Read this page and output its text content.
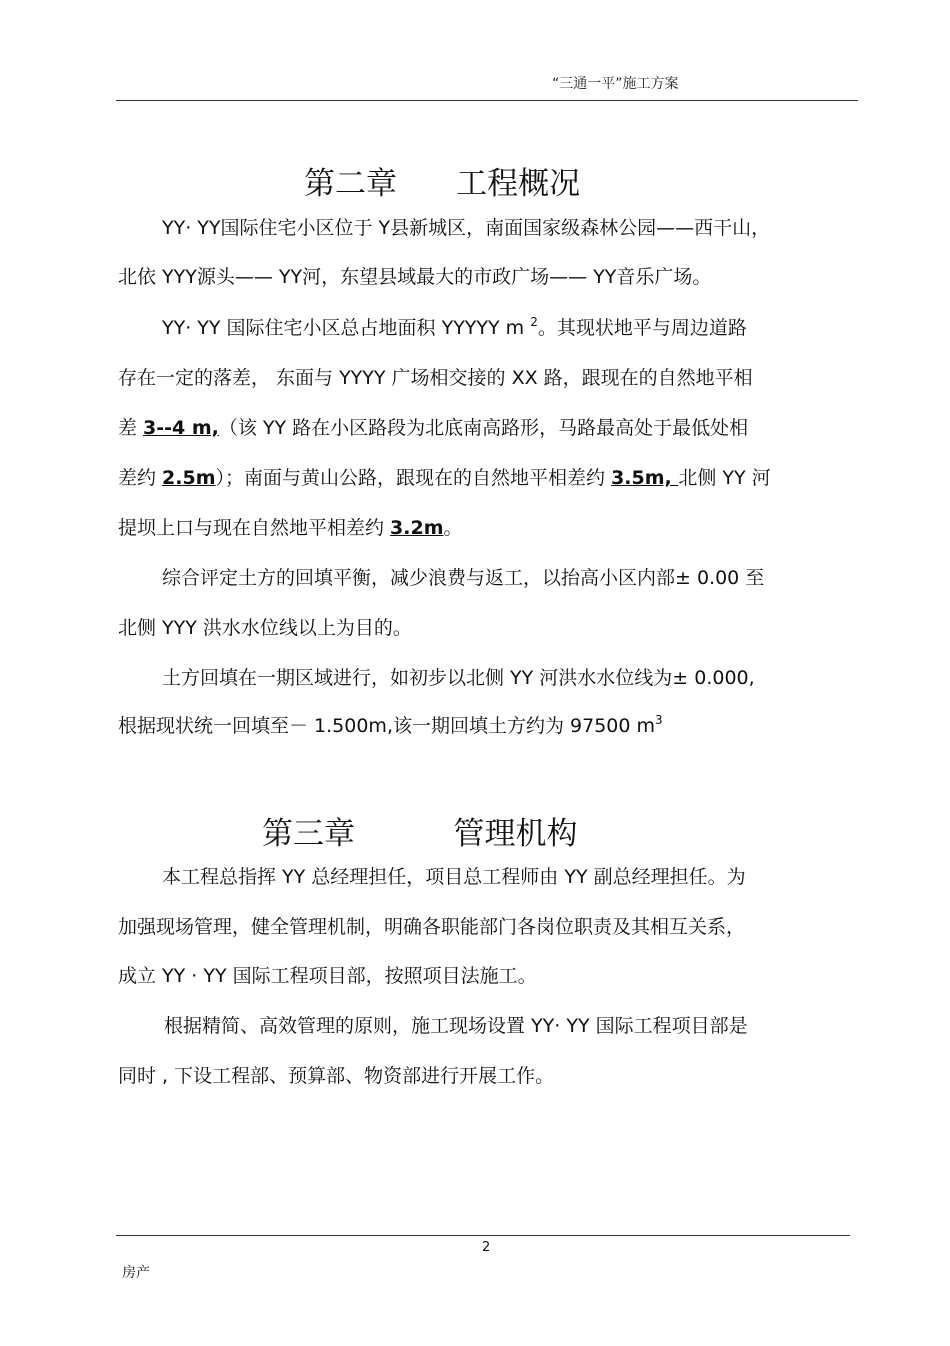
“三通一平”施工方案
第二章      工程概况
YY· YY国际住宅小区位于 Y县新城区，南面国家级森林公园——西干山，
北依 YYY源头—— YY河，东望县域最大的市政广场—— YY音乐广场。
YY· YY 国际住宅小区总占地面积 YYYYY m $^2$。其现状地平与周边道路
存在一定的落差， 东面与 YYYY 广场相交接的 XX 路，跟现在的自然地平相
差 3--4 m,（该 YY 路在小区路段为北底南高路形，马路最高处于最低处相
差约 2.5m）；南面与黄山公路，跟现在的自然地平相差约 3.5m, 北侧 YY 河
提坝上口与现在自然地平相差约 3.2m。
综合评定土方的回填平衡，减少浪费与返工，以抬高小区内部± 0.00 至
北侧 YYY 洪水水位线以上为目的。
土方回填在一期区域进行，如初步以北侧 YY 河洪水水位线为± 0.000,
根据现状统一回填至－ 1.500m,该一期回填土方约为 97500 $m^3$
第三章          管理机构
本工程总指挥 YY 总经理担任，项目总工程师由 YY 副总经理担任。为
加强现场管理，健全管理机制，明确各职能部门各岗位职责及其相互关系，
成立 YY · YY 国际工程项目部，按照项目法施工。
根据精简、高效管理的原则，施工现场设置 YY· YY 国际工程项目部是
同时 , 下设工程部、预算部、物资部进行开展工作。
2
房产
